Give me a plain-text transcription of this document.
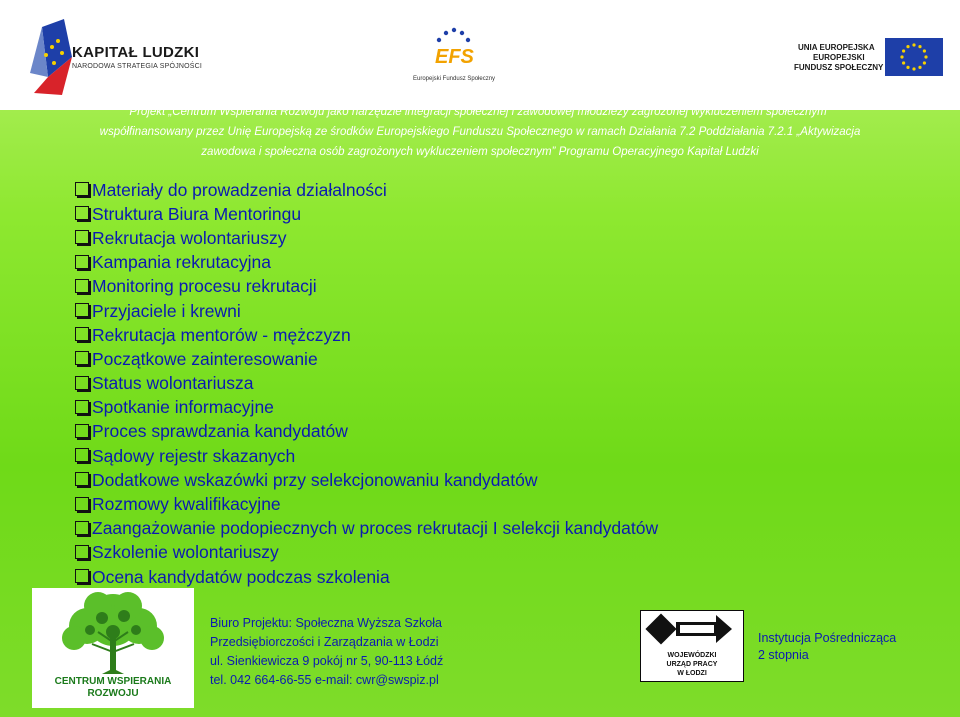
KAPITAŁ LUDZKI
NARODOWA STRATEGIA SPÓJNOŚCI	EFS
Europejski Fundusz Społeczny
UNIA EUROPEJSKA
EUROPEJSKI
FUNDUSZ SPOŁECZNY
Projekt „Centrum Wspierania Rozwoju jako narzędzie integracji społecznej i zawodowej młodzieży zagrożonej wykluczeniem społecznym”
współfinansowany przez Unię Europejską ze środków Europejskiego Funduszu Społecznego w ramach Działania 7.2 Poddziałania 7.2.1 „Aktywizacja
zawodowa i społeczna osób zagrożonych wykluczeniem społecznym” Programu Operacyjnego Kapitał Ludzki
Materiały do prowadzenia działalności
Struktura Biura Mentoringu
Rekrutacja wolontariuszy
Kampania rekrutacyjna
Monitoring procesu rekrutacji
Przyjaciele i krewni
Rekrutacja mentorów - mężczyzn
Początkowe zainteresowanie
Status wolontariusza
Spotkanie informacyjne
Proces sprawdzania kandydatów
Sądowy rejestr skazanych
Dodatkowe wskazówki przy selekcjonowaniu kandydatów
Rozmowy kwalifikacyjne
Zaangażowanie podopiecznych w proces rekrutacji I selekcji kandydatów
Szkolenie wolontariuszy
Ocena kandydatów podczas szkolenia
CENTRUM WSPIERANIA
ROZWOJU
Biuro Projektu: Społeczna Wyższa Szkoła
Przedsiębiorczości i Zarządzania w Łodzi
ul. Sienkiewicza 9 pokój nr 5, 90-113 Łódź
tel. 042 664-66-55 e-mail: cwr@swspiz.pl
WOJEWÓDZKI
URZĄD PRACY
W ŁODZI
Instytucja Pośrednicząca
2 stopnia
